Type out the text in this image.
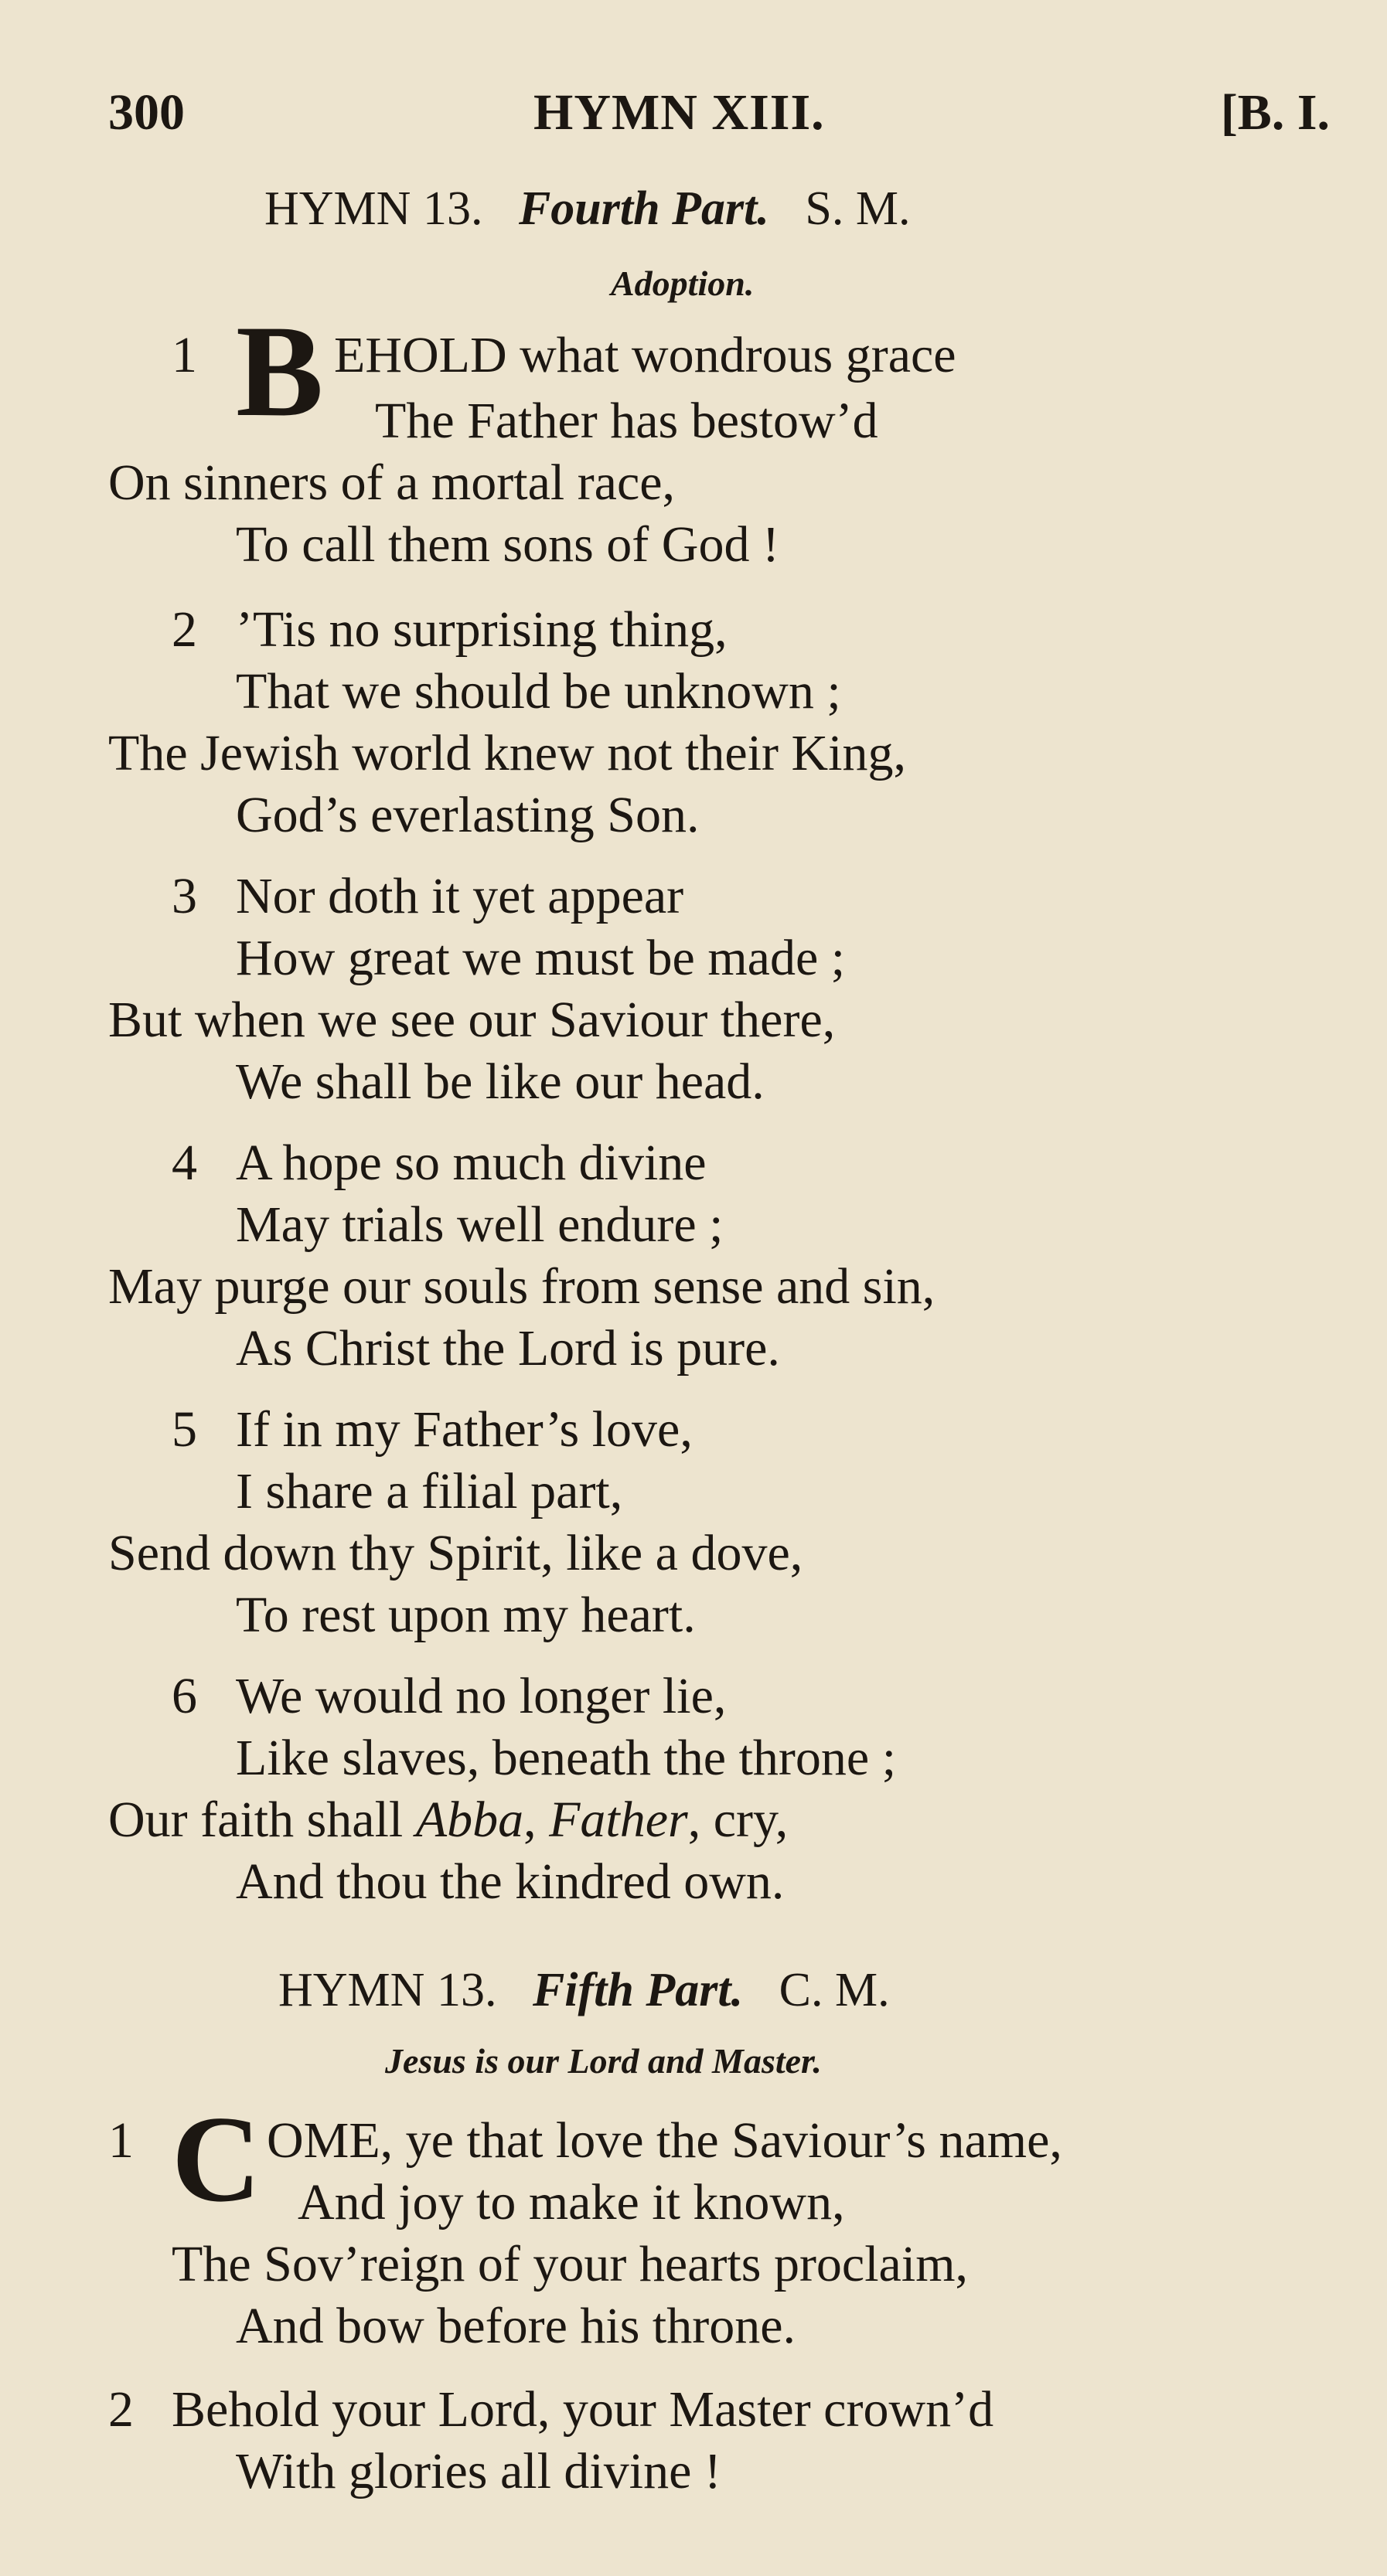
300	HYMN XIII.	[B. I.
HYMN 13. Fourth Part. S. M.
Adoption.
1 B EHOLD what wondrous grace
The Father has bestow’d
On sinners of a mortal race,
To call them sons of God !
2 ’Tis no surprising thing,
That we should be unknown ;
The Jewish world knew not their King,
God’s everlasting Son.
3 Nor doth it yet appear
How great we must be made ;
But when we see our Saviour there,
We shall be like our head.
4 A hope so much divine
May trials well endure ;
May purge our souls from sense and sin,
As Christ the Lord is pure.
5 If in my Father’s love,
I share a filial part,
Send down thy Spirit, like a dove,
To rest upon my heart.
6 We would no longer lie,
Like slaves, beneath the throne ;
Our faith shall Abba, Father, cry,
And thou the kindred own.
HYMN 13. Fifth Part. C. M.
Jesus is our Lord and Master.
1 C OME, ye that love the Saviour’s name,
And joy to make it known,
The Sov’reign of your hearts proclaim,
And bow before his throne.
2 Behold your Lord, your Master crown’d
With glories all divine !
